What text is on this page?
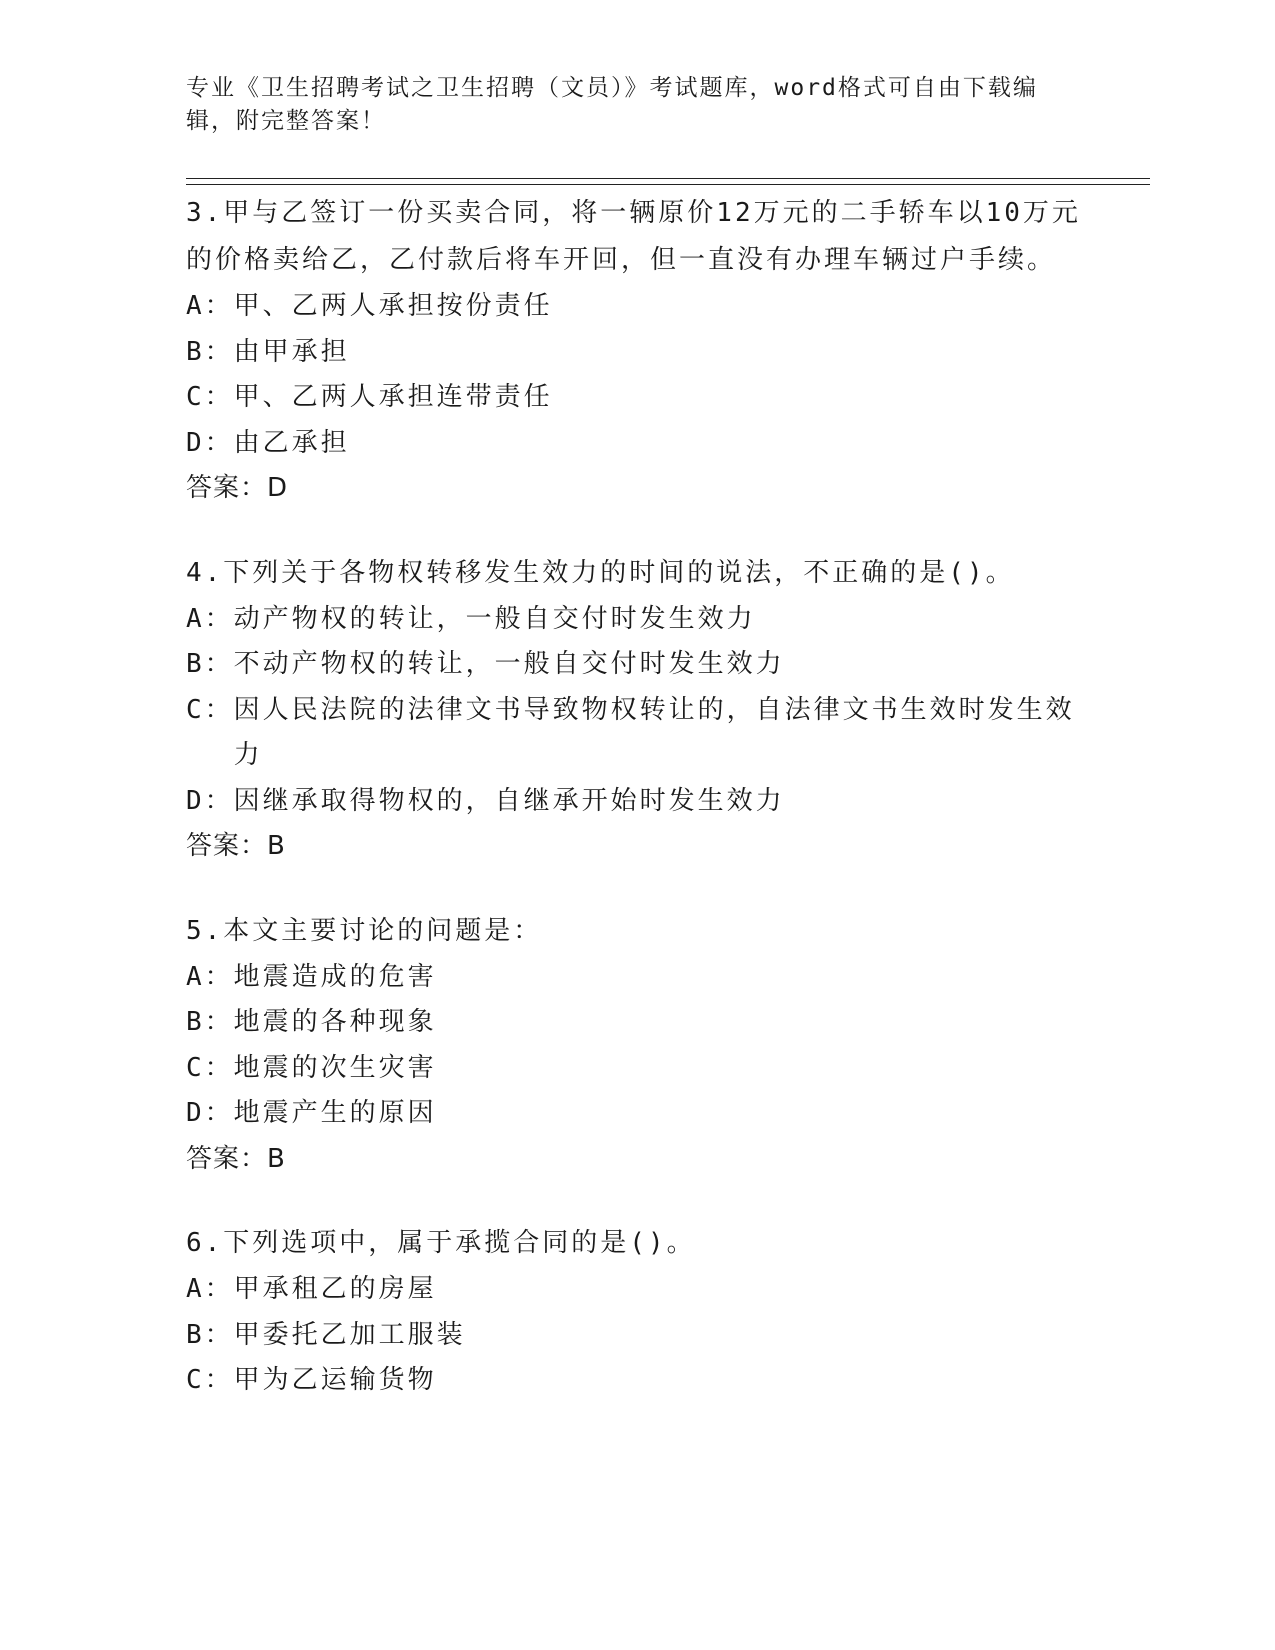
专业《卫生招聘考试之卫生招聘（文员）》考试题库，word格式可自由下载编辑，附完整答案！
3.甲与乙签订一份买卖合同，将一辆原价12万元的二手轿车以10万元的价格卖给乙，乙付款后将车开回，但一直没有办理车辆过户手续。
A： 甲、乙两人承担按份责任
B： 由甲承担
C： 甲、乙两人承担连带责任
D： 由乙承担
答案：D
4.下列关于各物权转移发生效力的时间的说法，不正确的是()。
A： 动产物权的转让，一般自交付时发生效力
B： 不动产物权的转让，一般自交付时发生效力
C： 因人民法院的法律文书导致物权转让的，自法律文书生效时发生效力
D： 因继承取得物权的，自继承开始时发生效力
答案：B
5.本文主要讨论的问题是：
A： 地震造成的危害
B： 地震的各种现象
C： 地震的次生灾害
D： 地震产生的原因
答案：B
6.下列选项中，属于承揽合同的是()。
A： 甲承租乙的房屋
B： 甲委托乙加工服装
C： 甲为乙运输货物
